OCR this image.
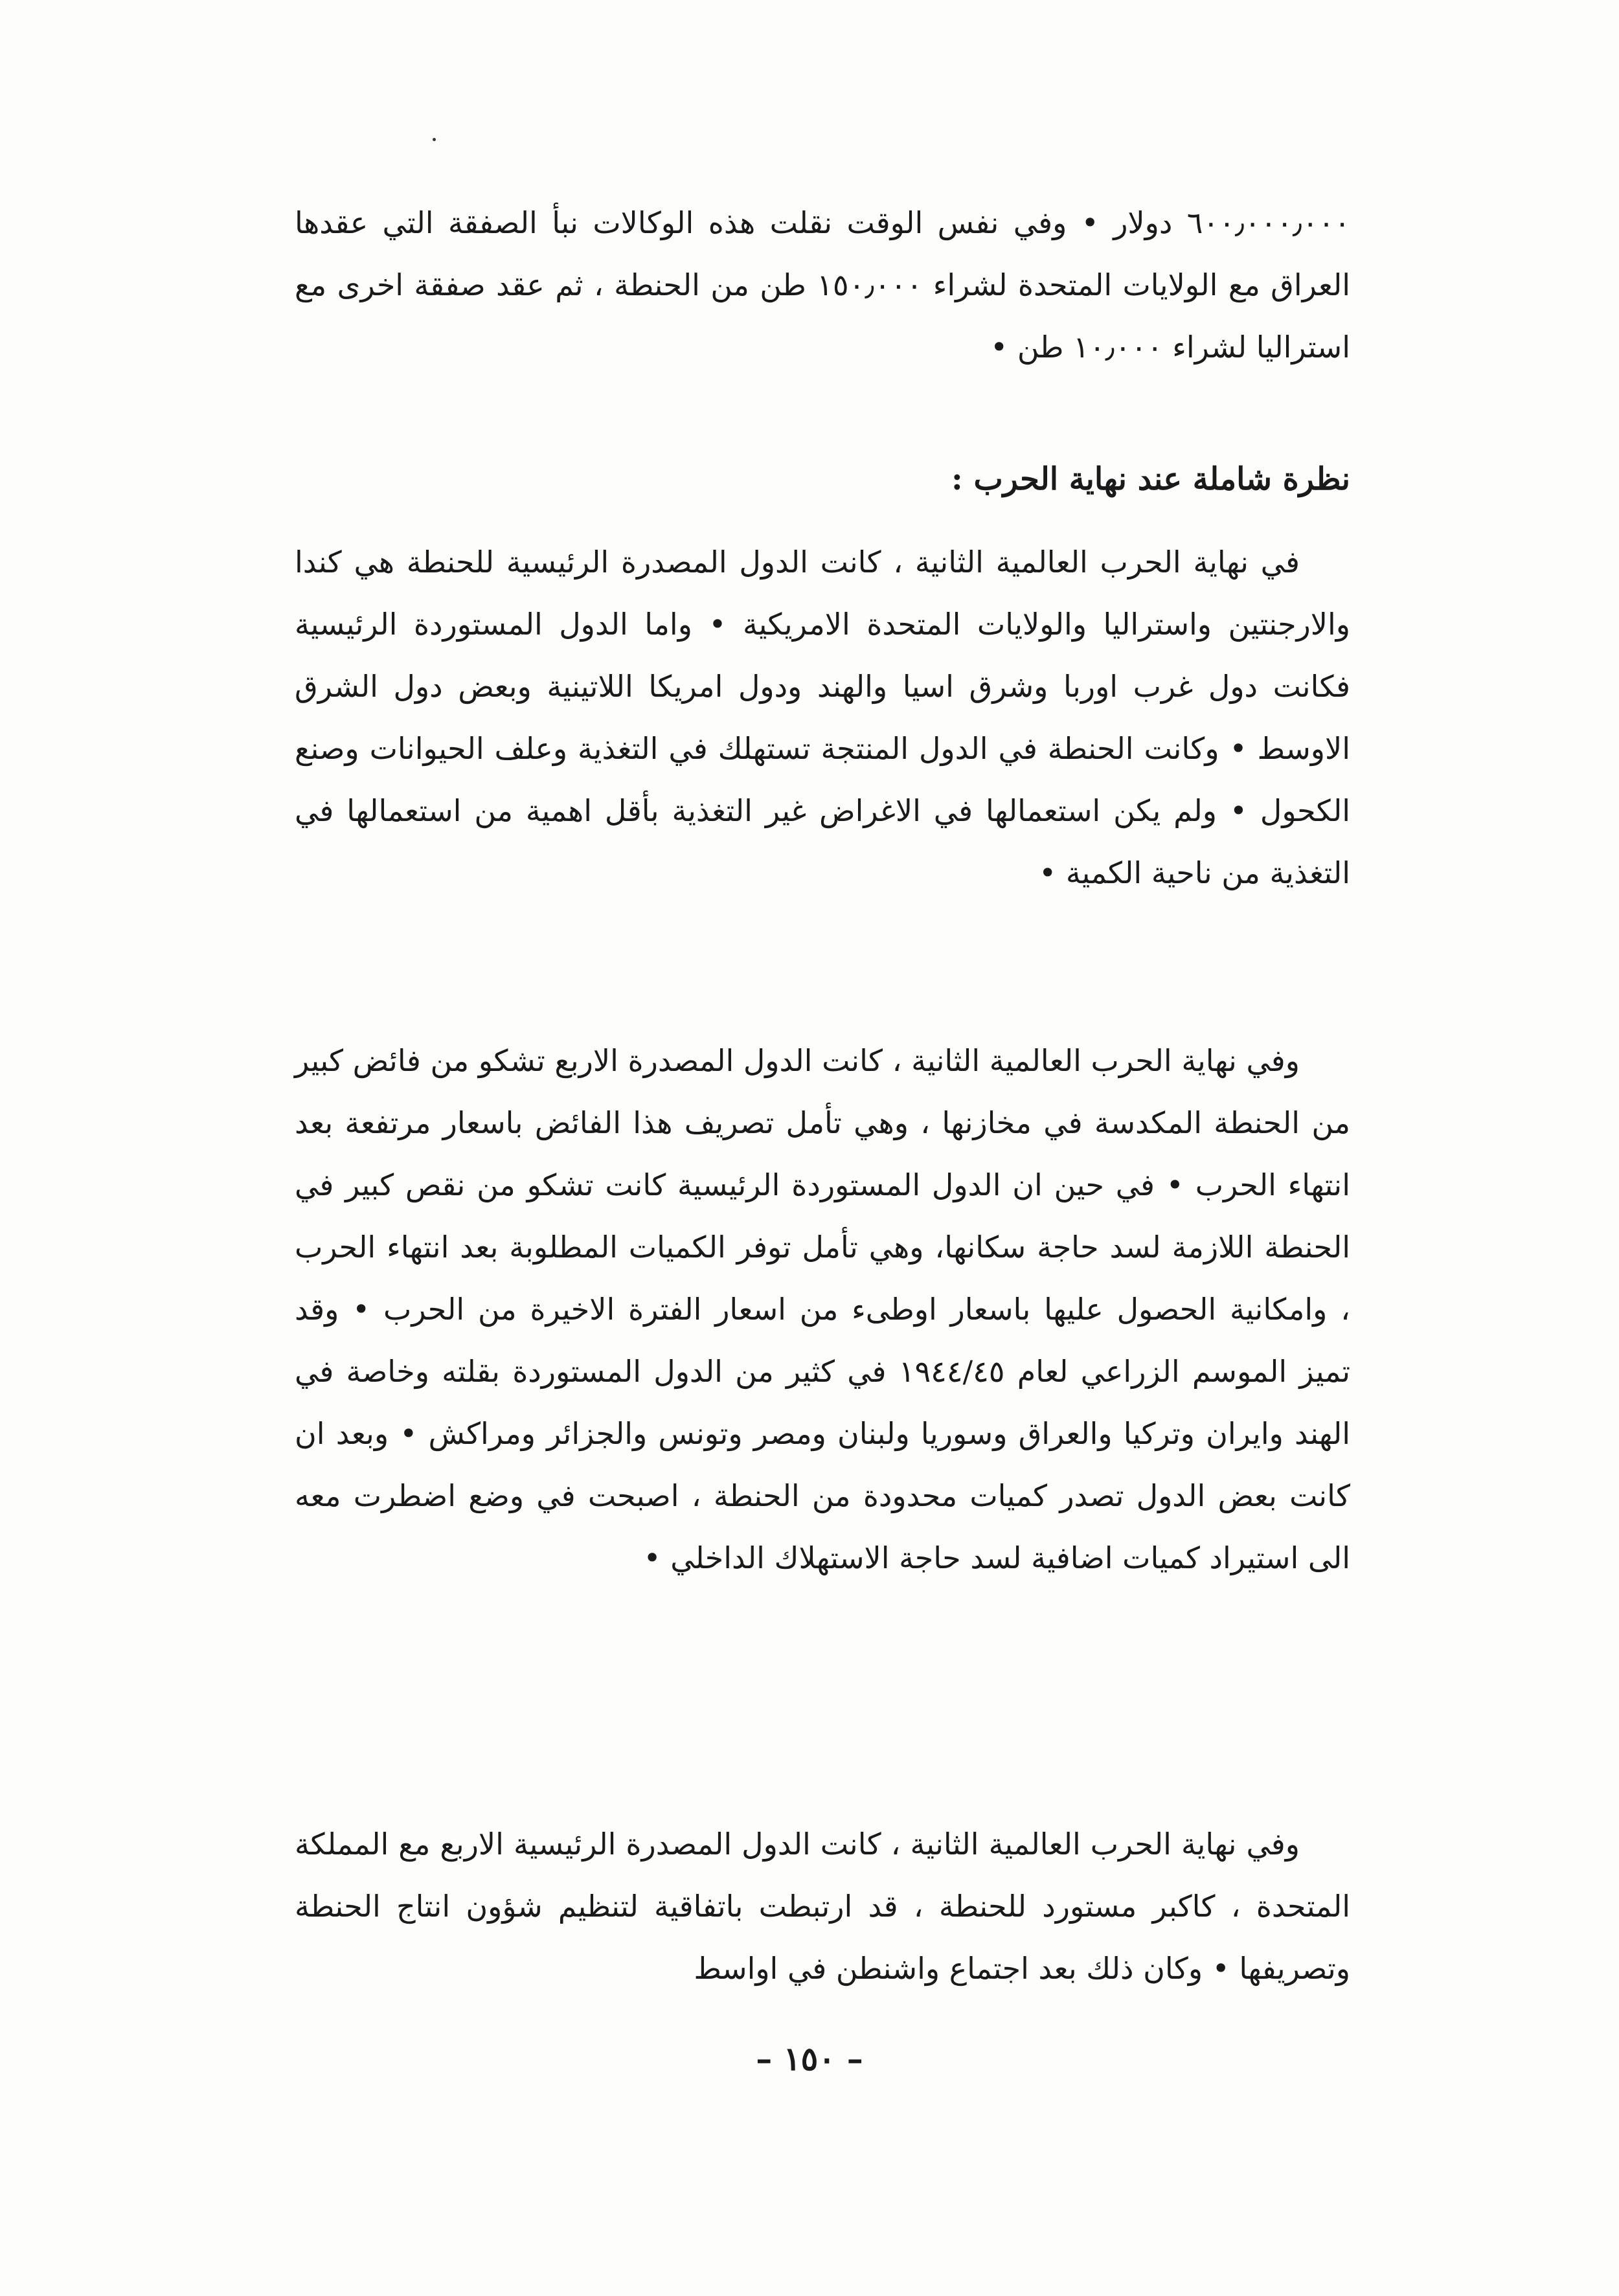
٦٠٠٫٠٠٠٫٠٠٠ دولار • وفي نفس الوقت نقلت هذه الوكالات نبأ الصفقة التي عقدها العراق مع الولايات المتحدة لشراء ١٥٠٫٠٠٠ طن من الحنطة ، ثم عقد صفقة اخرى مع استراليا لشراء ١٠٫٠٠٠ طن •

نظرة شاملة عند نهاية الحرب :

في نهاية الحرب العالمية الثانية ، كانت الدول المصدرة الرئيسية للحنطة هي كندا والارجنتين واستراليا والولايات المتحدة الامريكية • واما الدول المستوردة الرئيسية فكانت دول غرب اوربا وشرق اسيا والهند ودول امريكا اللاتينية وبعض دول الشرق الاوسط • وكانت الحنطة في الدول المنتجة تستهلك في التغذية وعلف الحيوانات وصنع الكحول • ولم يكن استعمالها في الاغراض غير التغذية بأقل اهمية من استعمالها في التغذية من ناحية الكمية •

وفي نهاية الحرب العالمية الثانية ، كانت الدول المصدرة الاربع تشكو من فائض كبير من الحنطة المكدسة في مخازنها ، وهي تأمل تصريف هذا الفائض باسعار مرتفعة بعد انتهاء الحرب • في حين ان الدول المستوردة الرئيسية كانت تشكو من نقص كبير في الحنطة اللازمة لسد حاجة سكانها، وهي تأمل توفر الكميات المطلوبة بعد انتهاء الحرب ، وامكانية الحصول عليها باسعار اوطىء من اسعار الفترة الاخيرة من الحرب • وقد تميز الموسم الزراعي لعام ١٩٤٤/٤٥ في كثير من الدول المستوردة بقلته وخاصة في الهند وايران وتركيا والعراق وسوريا ولبنان ومصر وتونس والجزائر ومراكش • وبعد ان كانت بعض الدول تصدر كميات محدودة من الحنطة ، اصبحت في وضع اضطرت معه الى استيراد كميات اضافية لسد حاجة الاستهلاك الداخلي •

وفي نهاية الحرب العالمية الثانية ، كانت الدول المصدرة الرئيسية الاربع مع المملكة المتحدة ، كاكبر مستورد للحنطة ، قد ارتبطت باتفاقية لتنظيم شؤون انتاج الحنطة وتصريفها • وكان ذلك بعد اجتماع واشنطن في اواسط

– ١٥٠ –
